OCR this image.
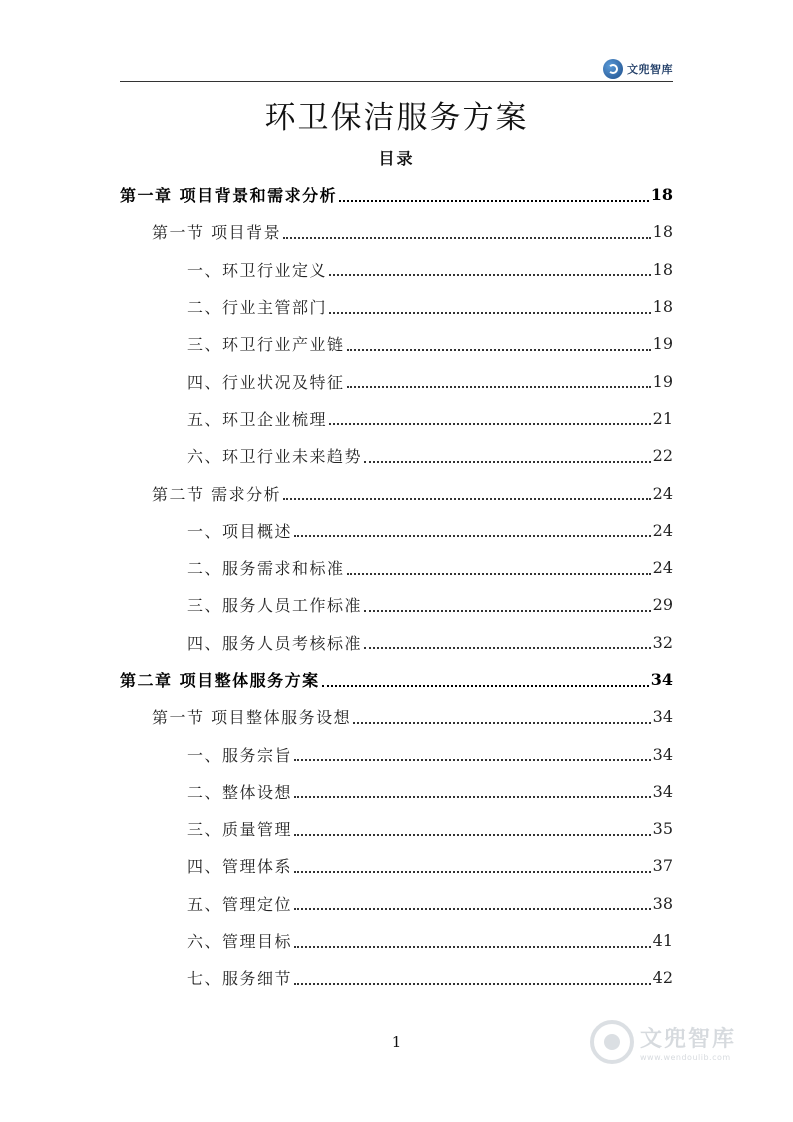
文兜智库
环卫保洁服务方案
目录
第一章 项目背景和需求分析	18
第一节 项目背景	18
一、环卫行业定义	18
二、行业主管部门	18
三、环卫行业产业链	19
四、行业状况及特征	19
五、环卫企业梳理	21
六、环卫行业未来趋势	22
第二节 需求分析	24
一、项目概述	24
二、服务需求和标准	24
三、服务人员工作标准	29
四、服务人员考核标准	32
第二章 项目整体服务方案	34
第一节 项目整体服务设想	34
一、服务宗旨	34
二、整体设想	34
三、质量管理	35
四、管理体系	37
五、管理定位	38
六、管理目标	41
七、服务细节	42
1	文兜智库
www.wendoulib.com
